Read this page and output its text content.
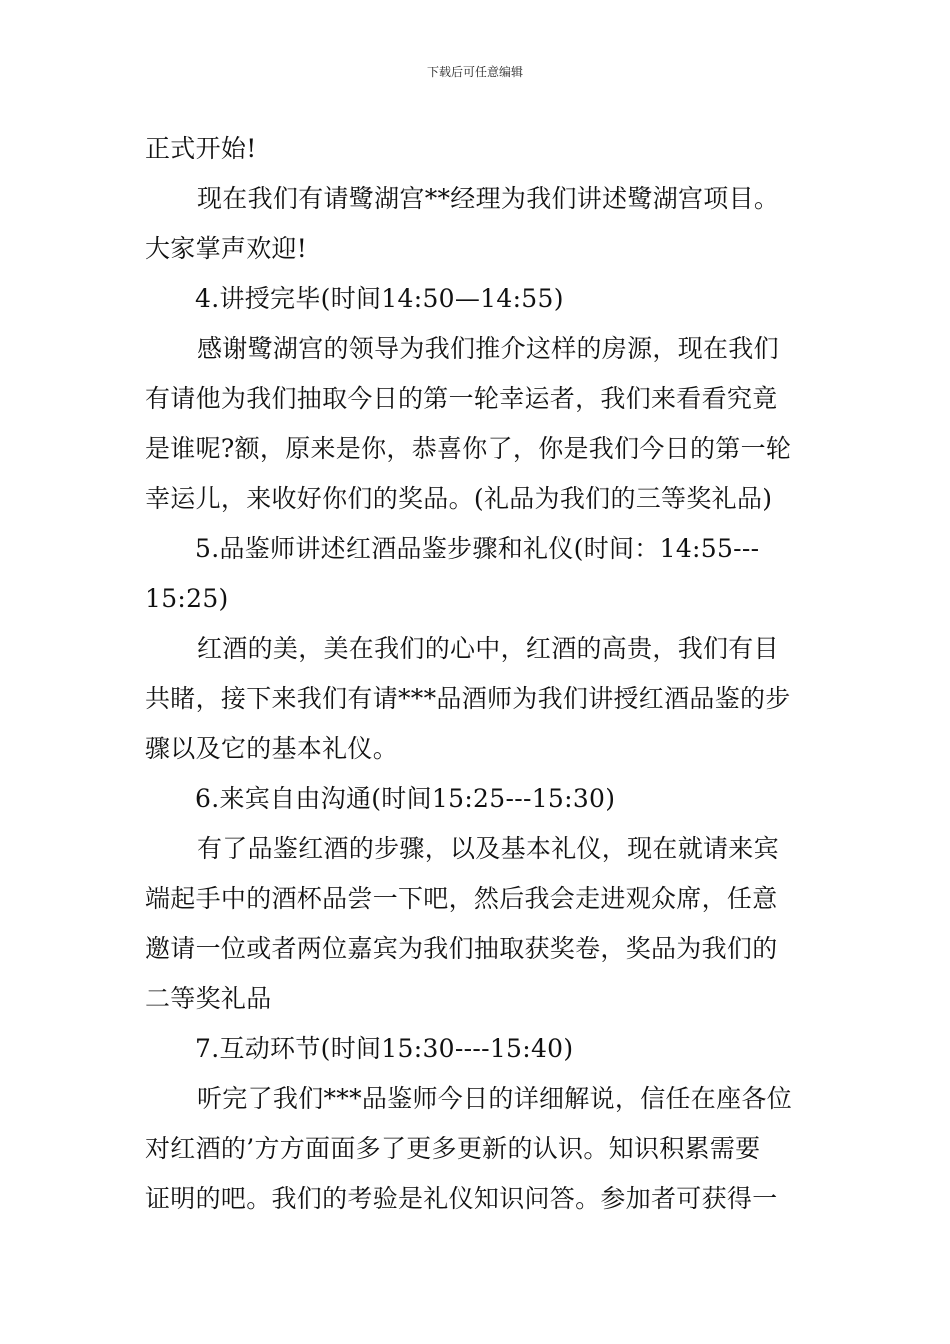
下载后可任意编辑
正式开始!
现在我们有请鹭湖宫**经理为我们讲述鹭湖宫项目。
大家掌声欢迎!
4.讲授完毕(时间14:50—14:55)
感谢鹭湖宫的领导为我们推介这样的房源，现在我们
有请他为我们抽取今日的第一轮幸运者，我们来看看究竟
是谁呢?额，原来是你，恭喜你了，你是我们今日的第一轮
幸运儿，来收好你们的奖品。(礼品为我们的三等奖礼品)
5.品鉴师讲述红酒品鉴步骤和礼仪(时间：14:55---
15:25)
红酒的美，美在我们的心中，红酒的高贵，我们有目
共睹，接下来我们有请***品酒师为我们讲授红酒品鉴的步
骤以及它的基本礼仪。
6.来宾自由沟通(时间15:25---15:30)
有了品鉴红酒的步骤，以及基本礼仪，现在就请来宾
端起手中的酒杯品尝一下吧，然后我会走进观众席，任意
邀请一位或者两位嘉宾为我们抽取获奖卷，奖品为我们的
二等奖礼品
7.互动环节(时间15:30----15:40)
听完了我们***品鉴师今日的详细解说，信任在座各位
对红酒的’方方面面多了更多更新的认识。知识积累需要
证明的吧。我们的考验是礼仪知识问答。参加者可获得一
